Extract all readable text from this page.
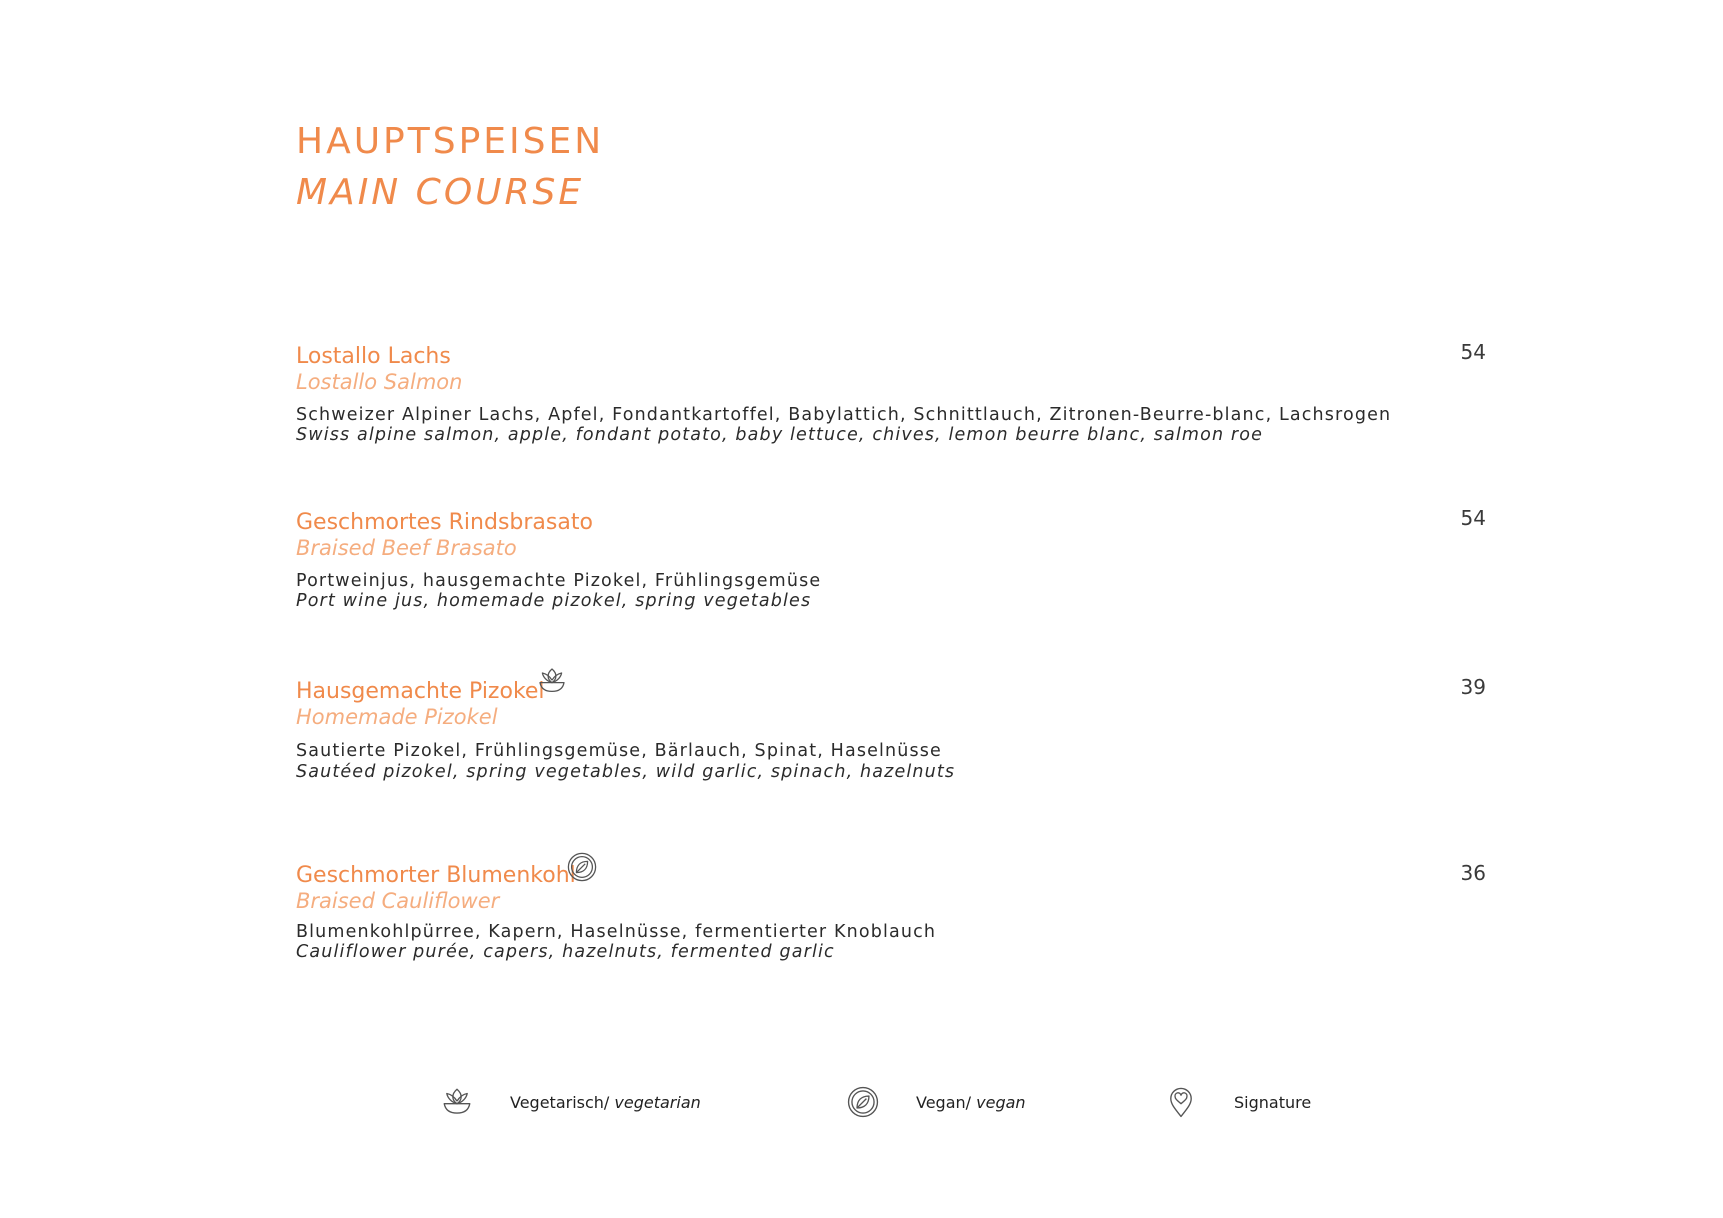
HAUPTSPEISEN
MAIN COURSE
Lostallo Lachs
Lostallo Salmon
Schweizer Alpiner Lachs, Apfel, Fondantkartoffel, Babylattich, Schnittlauch, Zitronen-Beurre-blanc, Lachsrogen
Swiss alpine salmon, apple, fondant potato, baby lettuce, chives, lemon beurre blanc, salmon roe
54
Geschmortes Rindsbrasato
Braised Beef Brasato
Portweinjus, hausgemachte Pizokel, Frühlingsgemüse
Port wine jus, homemade pizokel, spring vegetables
54
Hausgemachte Pizokel
Homemade Pizokel
Sautierte Pizokel, Frühlingsgemüse, Bärlauch, Spinat, Haselnüsse
Sautéed pizokel, spring vegetables, wild garlic, spinach, hazelnuts
39
Geschmorter Blumenkohl
Braised Cauliflower
Blumenkohlpürree, Kapern, Haselnüsse, fermentierter Knoblauch
Cauliflower purée, capers, hazelnuts, fermented garlic
36
Vegetarisch/ vegetarian	Vegan/ vegan	Signature
